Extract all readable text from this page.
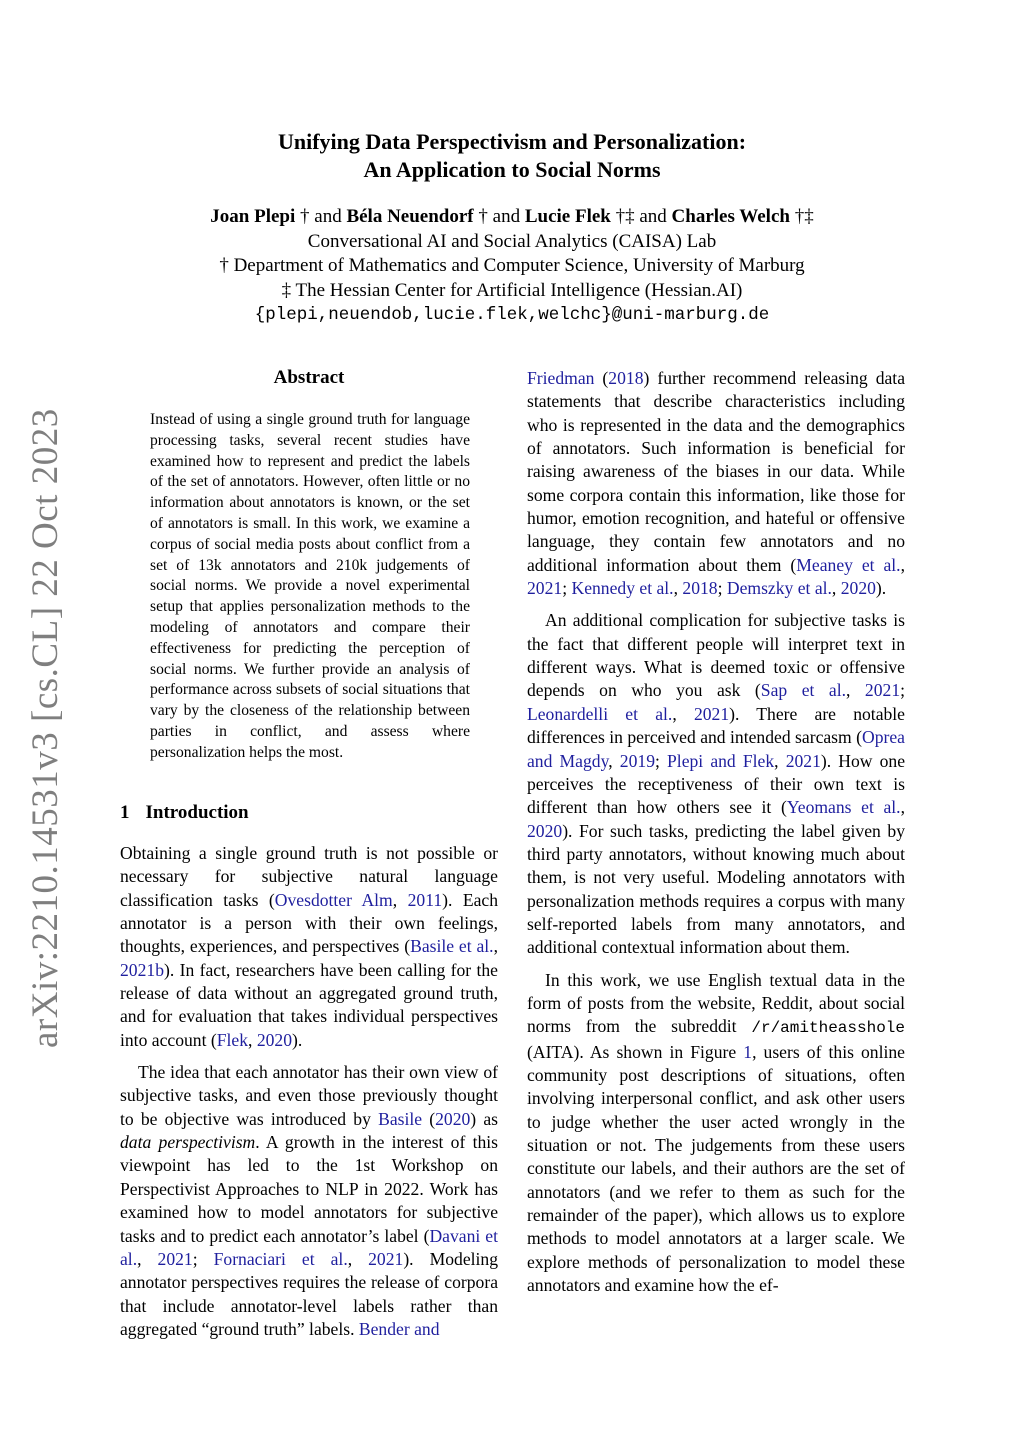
arXiv:2210.14531v3 [cs.CL] 22 Oct 2023
Unifying Data Perspectivism and Personalization:
An Application to Social Norms
Joan Plepi † and Béla Neuendorf † and Lucie Flek †‡ and Charles Welch †‡
Conversational AI and Social Analytics (CAISA) Lab
† Department of Mathematics and Computer Science, University of Marburg
‡ The Hessian Center for Artificial Intelligence (Hessian.AI)
{plepi,neuendob,lucie.flek,welchc}@uni-marburg.de
Abstract
Instead of using a single ground truth for language processing tasks, several recent studies have examined how to represent and predict the labels of the set of annotators. However, often little or no information about annotators is known, or the set of annotators is small. In this work, we examine a corpus of social media posts about conflict from a set of 13k annotators and 210k judgements of social norms. We provide a novel experimental setup that applies personalization methods to the modeling of annotators and compare their effectiveness for predicting the perception of social norms. We further provide an analysis of performance across subsets of social situations that vary by the closeness of the relationship between parties in conflict, and assess where personalization helps the most.
1 Introduction

Obtaining a single ground truth is not possible or necessary for subjective natural language classification tasks (Ovesdotter Alm, 2011). Each annotator is a person with their own feelings, thoughts, experiences, and perspectives (Basile et al., 2021b). In fact, researchers have been calling for the release of data without an aggregated ground truth, and for evaluation that takes individual perspectives into account (Flek, 2020).

The idea that each annotator has their own view of subjective tasks, and even those previously thought to be objective was introduced by Basile (2020) as data perspectivism. A growth in the interest of this viewpoint has led to the 1st Workshop on Perspectivist Approaches to NLP in 2022. Work has examined how to model annotators for subjective tasks and to predict each annotator’s label (Davani et al., 2021; Fornaciari et al., 2021). Modeling annotator perspectives requires the release of corpora that include annotator-level labels rather than aggregated “ground truth” labels. Bender and

Friedman (2018) further recommend releasing data statements that describe characteristics including who is represented in the data and the demographics of annotators. Such information is beneficial for raising awareness of the biases in our data. While some corpora contain this information, like those for humor, emotion recognition, and hateful or offensive language, they contain few annotators and no additional information about them (Meaney et al., 2021; Kennedy et al., 2018; Demszky et al., 2020).

An additional complication for subjective tasks is the fact that different people will interpret text in different ways. What is deemed toxic or offensive depends on who you ask (Sap et al., 2021; Leonardelli et al., 2021). There are notable differences in perceived and intended sarcasm (Oprea and Magdy, 2019; Plepi and Flek, 2021). How one perceives the receptiveness of their own text is different than how others see it (Yeomans et al., 2020). For such tasks, predicting the label given by third party annotators, without knowing much about them, is not very useful. Modeling annotators with personalization methods requires a corpus with many self-reported labels from many annotators, and additional contextual information about them.

In this work, we use English textual data in the form of posts from the website, Reddit, about social norms from the subreddit /r/amitheasshole (AITA). As shown in Figure 1, users of this online community post descriptions of situations, often involving interpersonal conflict, and ask other users to judge whether the user acted wrongly in the situation or not. The judgements from these users constitute our labels, and their authors are the set of annotators (and we refer to them as such for the remainder of the paper), which allows us to explore methods to model annotators at a larger scale. We explore methods of personalization to model these annotators and examine how the ef-
